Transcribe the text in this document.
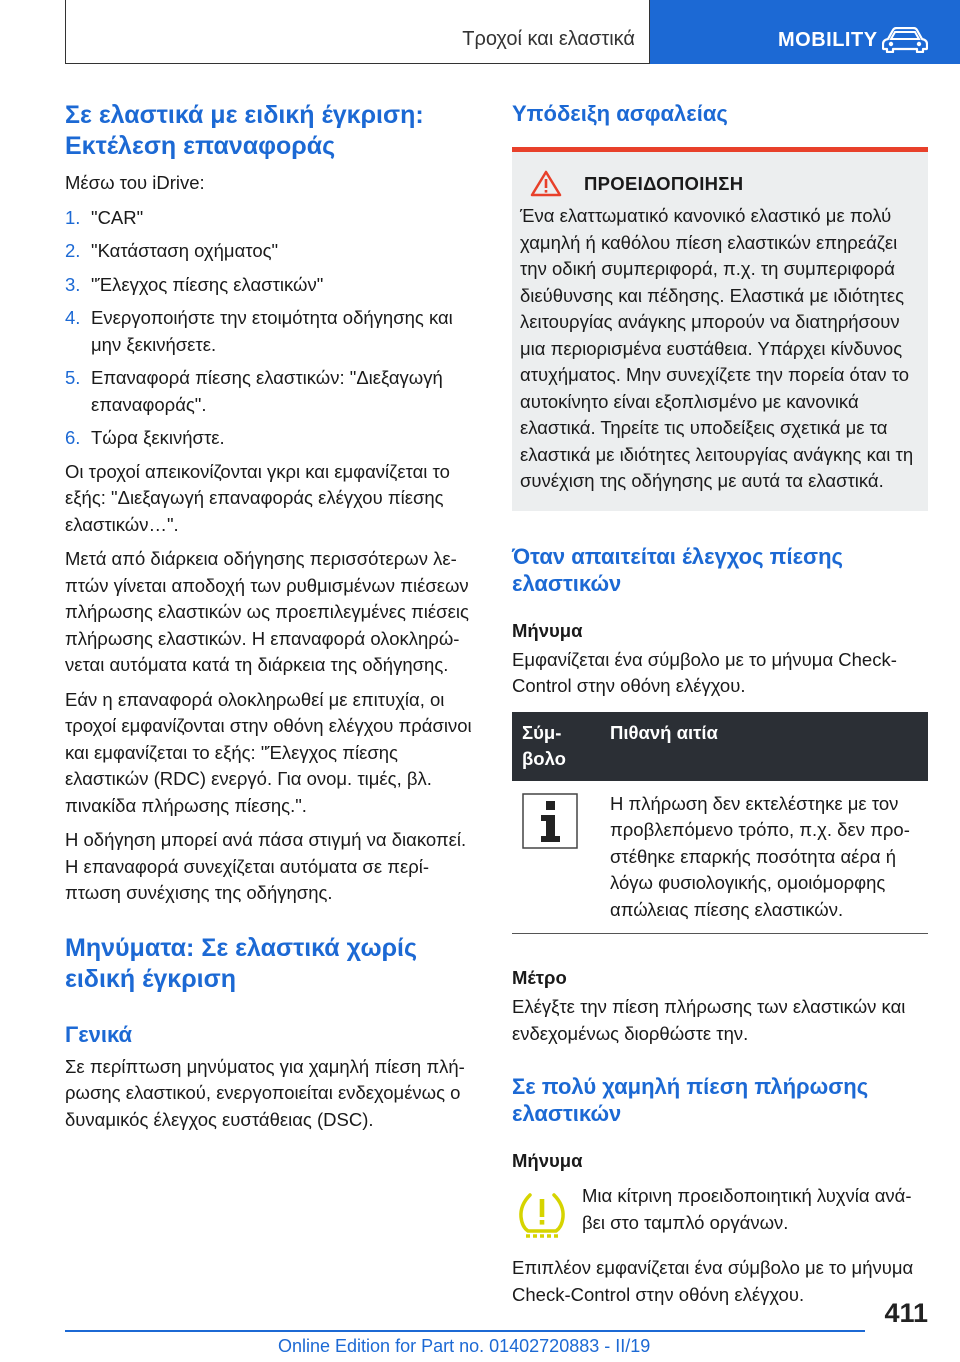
Τροχοί και ελαστικά	MOBILITY
Σε ελαστικά με ειδική έγκριση: Εκτέλεση επαναφοράς

Μέσω του iDrive:

1. "CAR"
2. "Κατάσταση οχήματος"
3. "Έλεγχος πίεσης ελαστικών"
4. Ενεργοποιήστε την ετοιμότητα οδήγησης και μην ξεκινήσετε.
5. Επαναφορά πίεσης ελαστικών: "Διεξαγωγή επαναφοράς".
6. Τώρα ξεκινήστε.

Οι τροχοί απεικονίζονται γκρι και εμφανίζεται το εξής: "Διεξαγωγή επαναφοράς ελέγχου πίεσης ελαστικών…".

Μετά από διάρκεια οδήγησης περισσότερων λεπτών γίνεται αποδοχή των ρυθμισμένων πιέσεων πλήρωσης ελαστικών ως προεπιλεγμένες πιέσεις πλήρωσης ελαστικών. Η επαναφορά ολοκληρώνεται αυτόματα κατά τη διάρκεια της οδήγησης.

Εάν η επαναφορά ολοκληρωθεί με επιτυχία, οι τροχοί εμφανίζονται στην οθόνη ελέγχου πράσινοι και εμφανίζεται το εξής: "Έλεγχος πίεσης ελαστικών (RDC) ενεργό. Για ονομ. τιμές, βλ. πινακίδα πλήρωσης πίεσης.".

Η οδήγηση μπορεί ανά πάσα στιγμή να διακοπεί. Η επαναφορά συνεχίζεται αυτόματα σε περίπτωση συνέχισης της οδήγησης.

Μηνύματα: Σε ελαστικά χωρίς ειδική έγκριση
Γενικά

Σε περίπτωση μηνύματος για χαμηλή πίεση πλήρωσης ελαστικού, ενεργοποιείται ενδεχομένως ο δυναμικός έλεγχος ευστάθειας (DSC).

Υπόδειξη ασφαλείας
ΠΡΟΕΙΔΟΠΟΙΗΣΗ

Ένα ελαττωματικό κανονικό ελαστικό με πολύ χαμηλή ή καθόλου πίεση ελαστικών επηρεάζει την οδική συμπεριφορά, π.χ. τη συμπεριφορά διεύθυνσης και πέδησης. Ελαστικά με ιδιότητες λειτουργίας ανάγκης μπορούν να διατηρήσουν μια περιορισμένα ευστάθεια. Υπάρχει κίνδυνος ατυχήματος. Μην συνεχίζετε την πορεία όταν το αυτοκίνητο είναι εξοπλισμένο με κανονικά ελαστικά. Τηρείτε τις υποδείξεις σχετικά με τα ελαστικά με ιδιότητες λειτουργίας ανάγκης και τη συνέχιση της οδήγησης με αυτά τα ελαστικά.

Όταν απαιτείται έλεγχος πίεσης ελαστικών
Μήνυμα

Εμφανίζεται ένα σύμβολο με το μήνυμα Check-Control στην οθόνη ελέγχου.

Σύμβολο	Πιθανή αιτία
	Η πλήρωση δεν εκτελέστηκε με τον προβλεπόμενο τρόπο, π.χ. δεν προστέθηκε επαρκής ποσότητα αέρα ή λόγω φυσιολογικής, ομοιόμορφης απώλειας πίεσης ελαστικών.
Μέτρο

Ελέγξτε την πίεση πλήρωσης των ελαστικών και ενδεχομένως διορθώστε την.

Σε πολύ χαμηλή πίεση πλήρωσης ελαστικών
Μήνυμα

Μια κίτρινη προειδοποιητική λυχνία ανάβει στο ταμπλό οργάνων.

Επιπλέον εμφανίζεται ένα σύμβολο με το μήνυμα Check-Control στην οθόνη ελέγχου.

411
Online Edition for Part no. 01402720883 - II/19
